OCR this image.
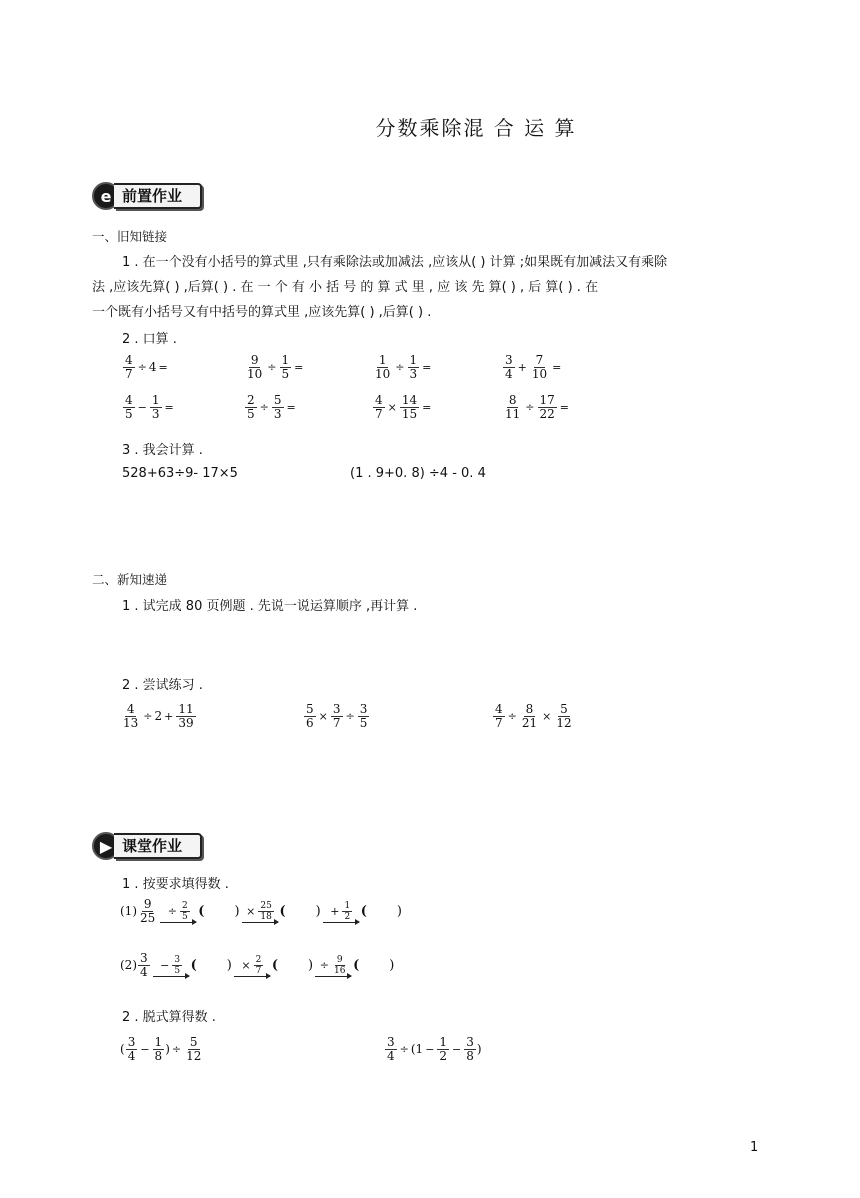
分数乘除混 合 运 算
e 前置作业
一、旧知链接
1 . 在一个没有小括号的算式里 ,只有乘除法或加减法 ,应该从( ) 计算 ;如果既有加减法又有乘除
法 ,应该先算( ) ,后算( ) . 在 一 个 有 小 括 号 的 算 式 里 , 应 该 先 算( ) , 后 算( ) . 在
一个既有小括号又有中括号的算式里 ,应该先算( ) ,后算( ) .
2 . 口算 .
$\frac{4}{7} \div 4$ =	$\frac{9}{10} \div \frac{1}{5}$ =	$\frac{1}{10} \div \frac{1}{3}$ =	$\frac{3}{4} + \frac{7}{10}$ =
$\frac{4}{5} - \frac{1}{3}$ =	$\frac{2}{5} \div \frac{5}{3}$ =	$\frac{4}{7} \times \frac{14}{15}$ =	$\frac{8}{11} \div \frac{17}{22}$ =
3 . 我会计算 .
528+63÷9- 17×5	(1 . 9+0. 8) ÷4 - 0. 4
二、新知速递
1 . 试完成 80 页例题 . 先说一说运算顺序 ,再计算 .
2 . 尝试练习 .
$\frac{4}{13} \div 2 + \frac{11}{39}$	$\frac{5}{6} \times \frac{3}{7} \div \frac{3}{5}$	$\frac{4}{7} \div \frac{8}{21} \times \frac{5}{12}$
▶ 课堂作业
1 . 按要求填得数 .
$(1) \frac{9}{25} \div \frac{2}{5}$ ( ) × $\frac{25}{18}$ ( ) + $\frac{1}{2}$ ( )
$(2) \frac{3}{4} - \frac{3}{5}$ ( ) × $\frac{2}{7}$ ( ) ÷ $\frac{9}{16}$ ( )
2 . 脱式算得数 .
( $\frac{3}{4} - \frac{1}{8}$ ) ÷ $\frac{5}{12}$	$\frac{3}{4} \div (1 - \frac{1}{2} - \frac{3}{8}$ )
1
